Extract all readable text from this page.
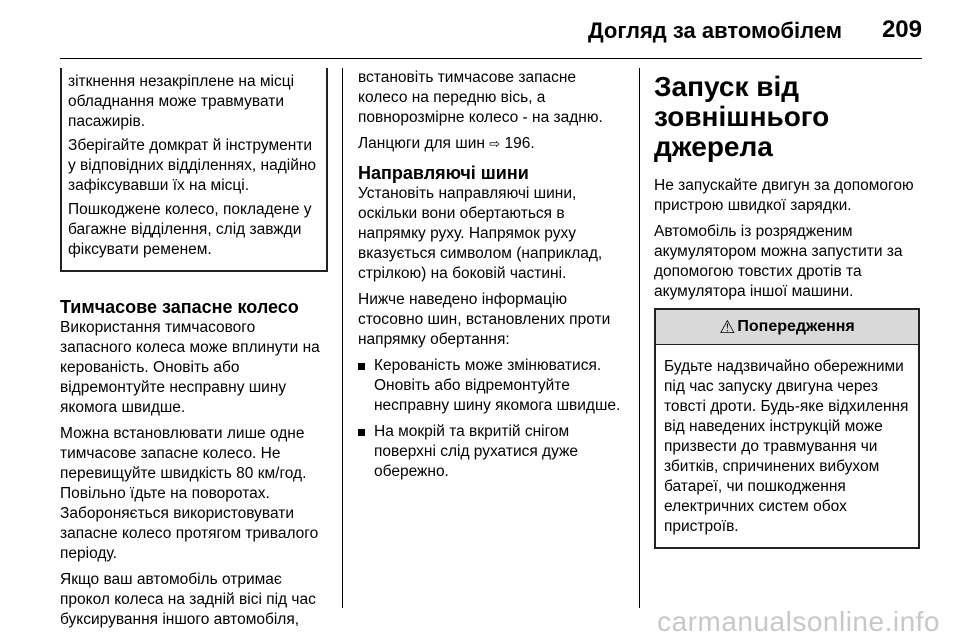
Догляд за автомобілем 209

зіткнення незакріплене на місці обладнання може травмувати пасажирів.

Зберігайте домкрат й інструменти у відповідних відділеннях, надійно зафіксувавши їх на місці.

Пошкоджене колесо, покладене у багажне відділення, слід завжди фіксувати ременем.

Тимчасове запасне колесо

Використання тимчасового запасного колеса може вплинути на керованість. Оновіть або відремонтуйте несправну шину якомога швидше.

Можна встановлювати лише одне тимчасове запасне колесо. Не перевищуйте швидкість 80 км/год. Повільно їдьте на поворотах. Забороняється використовувати запасне колесо протягом тривалого періоду.

Якщо ваш автомобіль отримає прокол колеса на задній вісі під час буксирування іншого автомобіля,

встановіть тимчасове запасне колесо на передню вісь, а повнорозмірне колесо - на задню.

Ланцюги для шин ⇨ 196.

Направляючі шини

Установіть направляючі шини, оскільки вони обертаються в напрямку руху. Напрямок руху вказується символом (наприклад, стрілкою) на боковій частині.

Нижче наведено інформацію стосовно шин, встановлених проти напрямку обертання:

Керованість може змінюватися. Оновіть або відремонтуйте несправну шину якомога швидше.
На мокрій та вкритій снігом поверхні слід рухатися дуже обережно.
Запуск від зовнішнього джерела

Не запускайте двигун за допомогою пристрою швидкої зарядки.

Автомобіль із розрядженим акумулятором можна запустити за допомогою товстих дротів та акумулятора іншої машини.

⚠ Попередження

Будьте надзвичайно обережними під час запуску двигуна через товсті дроти. Будь-яке відхилення від наведених інструкцій може призвести до травмування чи збитків, спричинених вибухом батареї, чи пошкодження електричних систем обох пристроїв.

carmanualsonline.info
